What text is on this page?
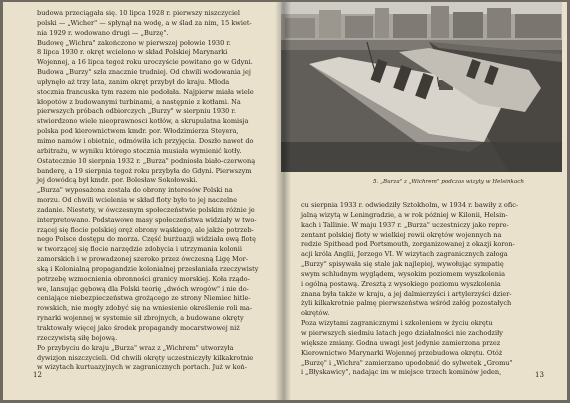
budowa przeciągała się. 10 lipca 1928 r. pierwszy niszczyciel

polski — „Wicher" — spłynął na wodę, a w ślad za nim, 15 kwiet-

nia 1929 r. wodowano drugi — „Burzę".

Budowę „Wichra" zakończono w pierwszej połowie 1930 r.

8 lipca 1930 r. okręt wcielono w skład Polskiej Marynarki

Wojennej, a 16 lipca tegoż roku uroczyście powitano go w Gdyni.

Budowa „Burzy" szła znacznie trudniej. Od chwili wodowania jej

upłynęło aż trzy lata, zanim okręt przybył do kraju. Młoda

stocznia francuska tym razem nie podołała. Najpierw miała wiele

kłopotów z budowanymi turbinami, a następnie z kotłami. Na

pierwszych próbach odbiorczych „Burzy" w sierpniu 1930 r.

stwierdzono wiele nieoprawnosci kotłów, a skrupulatna komisja

polska pod kierownictwem kmdr. por. Włodzimierza Steyera,

mimo namów i obietnic, odmówiła ich przyjęcia. Doszło nawet do

arbitrażu, w wyniku którego stocznia musiała wymienić kotły.

Ostatecznie 10 sierpnia 1932 r. „Burza" podniosła biało-czerwoną

banderę, a 19 sierpnia tegoż roku przybyła do Gdyni. Pierwszym

jej dowódcą był kmdr. por. Bolesław Sokołowski.

„Burza" wyposażona została do obrony interesów Polski na

morzu. Od chwili wcielenia w skład floty było to jej naczelne

zadanie. Niestety, w ówczesnym społeczeństwie polskim różnie je

interpretowano. Podstawowe masy społeczeństwa widziały w two-

rzącej się flocie polskiej oręż obrony wąskiego, ale jakże potrzeb-

nego Polsce dostępu do morza. Część burżuazji widziała ową flotę

w tworzącej się flocie narzędzie zdobycia i utrzymania kolonii

zamorskich i w prowadzonej szeroko przez ówczesną Ligę Mor-

ską i Kolonialną propagandzie kolonialnej przesłaniała rzeczywisty

potrzebę wzmocnienia obronności granicy morskiej. Koła rządo-

we, lansując gębową dla Polski teorię „dwóch wrogów" i nie do-

ceniające niebezpieczeństwa grożącego ze strony Niemiec hitle-

rowskich, nie mogły zdobyć się na wniesienie określenie roli ma-

rynarki wojennej w systemie sił zbrojnych, a budowane okręty

traktowały więcej jako środek propagandy mocarstwowej niż

rzeczywistą siłę bojową.

Po przybyciu do kraju „Burza" wraz z „Wichrem" utworzyła

dywizjon niszczycieli. Od chwili okręty uczestniczyły kilkakrotnie

w wizytach kurtuazyjnych w zagranicznych portach. Już w koń-

12
5. „Burza" z „Wichrem" podczas wizyty w Helsinkach

cu sierpnia 1933 r. odwiedziły Sztokholm, w 1934 r. bawiły z ofic-

jalną wizytą w Leningradzie, a w rok później w Kilonii, Helsin-

kach i Tallinie. W maju 1937 r. „Burza" uczestniczy jako repre-

zentant polskiej floty w wielkiej rewii okrętów wojennych na

redzie Spithead pod Portsmouth, zorganizowanej z okazji koron-

acji króla Anglii, Jerzego VI. W wizytach zagranicznych załoga

„Burzy" spisywała się stale jak najlepiej, wywołując sympatię

swym schludnym wyglądem, wysokim poziomem wyszkolenia

i ogólną postawą. Zresztą z wysokiego poziomu wyszkolenia

znana była także w kraju, a jej dalmierzyści i artylerzyści dzier-

żyli kilkakrotnie palmę pierwszeństwa wśród załóg pozostałych

okrętów.

Poza wizytami zagranicznymi i szkoleniem w życiu okrętu

w pierwszych siedmiu latach jego działalności nie zachodziły

większe zmiany. Godna uwagi jest jedynie zamierzona przez

Kierownictwo Marynarki Wojennej przebudowa okrętu. Otóż

„Burzę" i „Wichra" zamierzano upodobnić do sylwetek „Gromu"

i „Błyskawicy", nadając im w miejsce trzech kominów jeden,	13
